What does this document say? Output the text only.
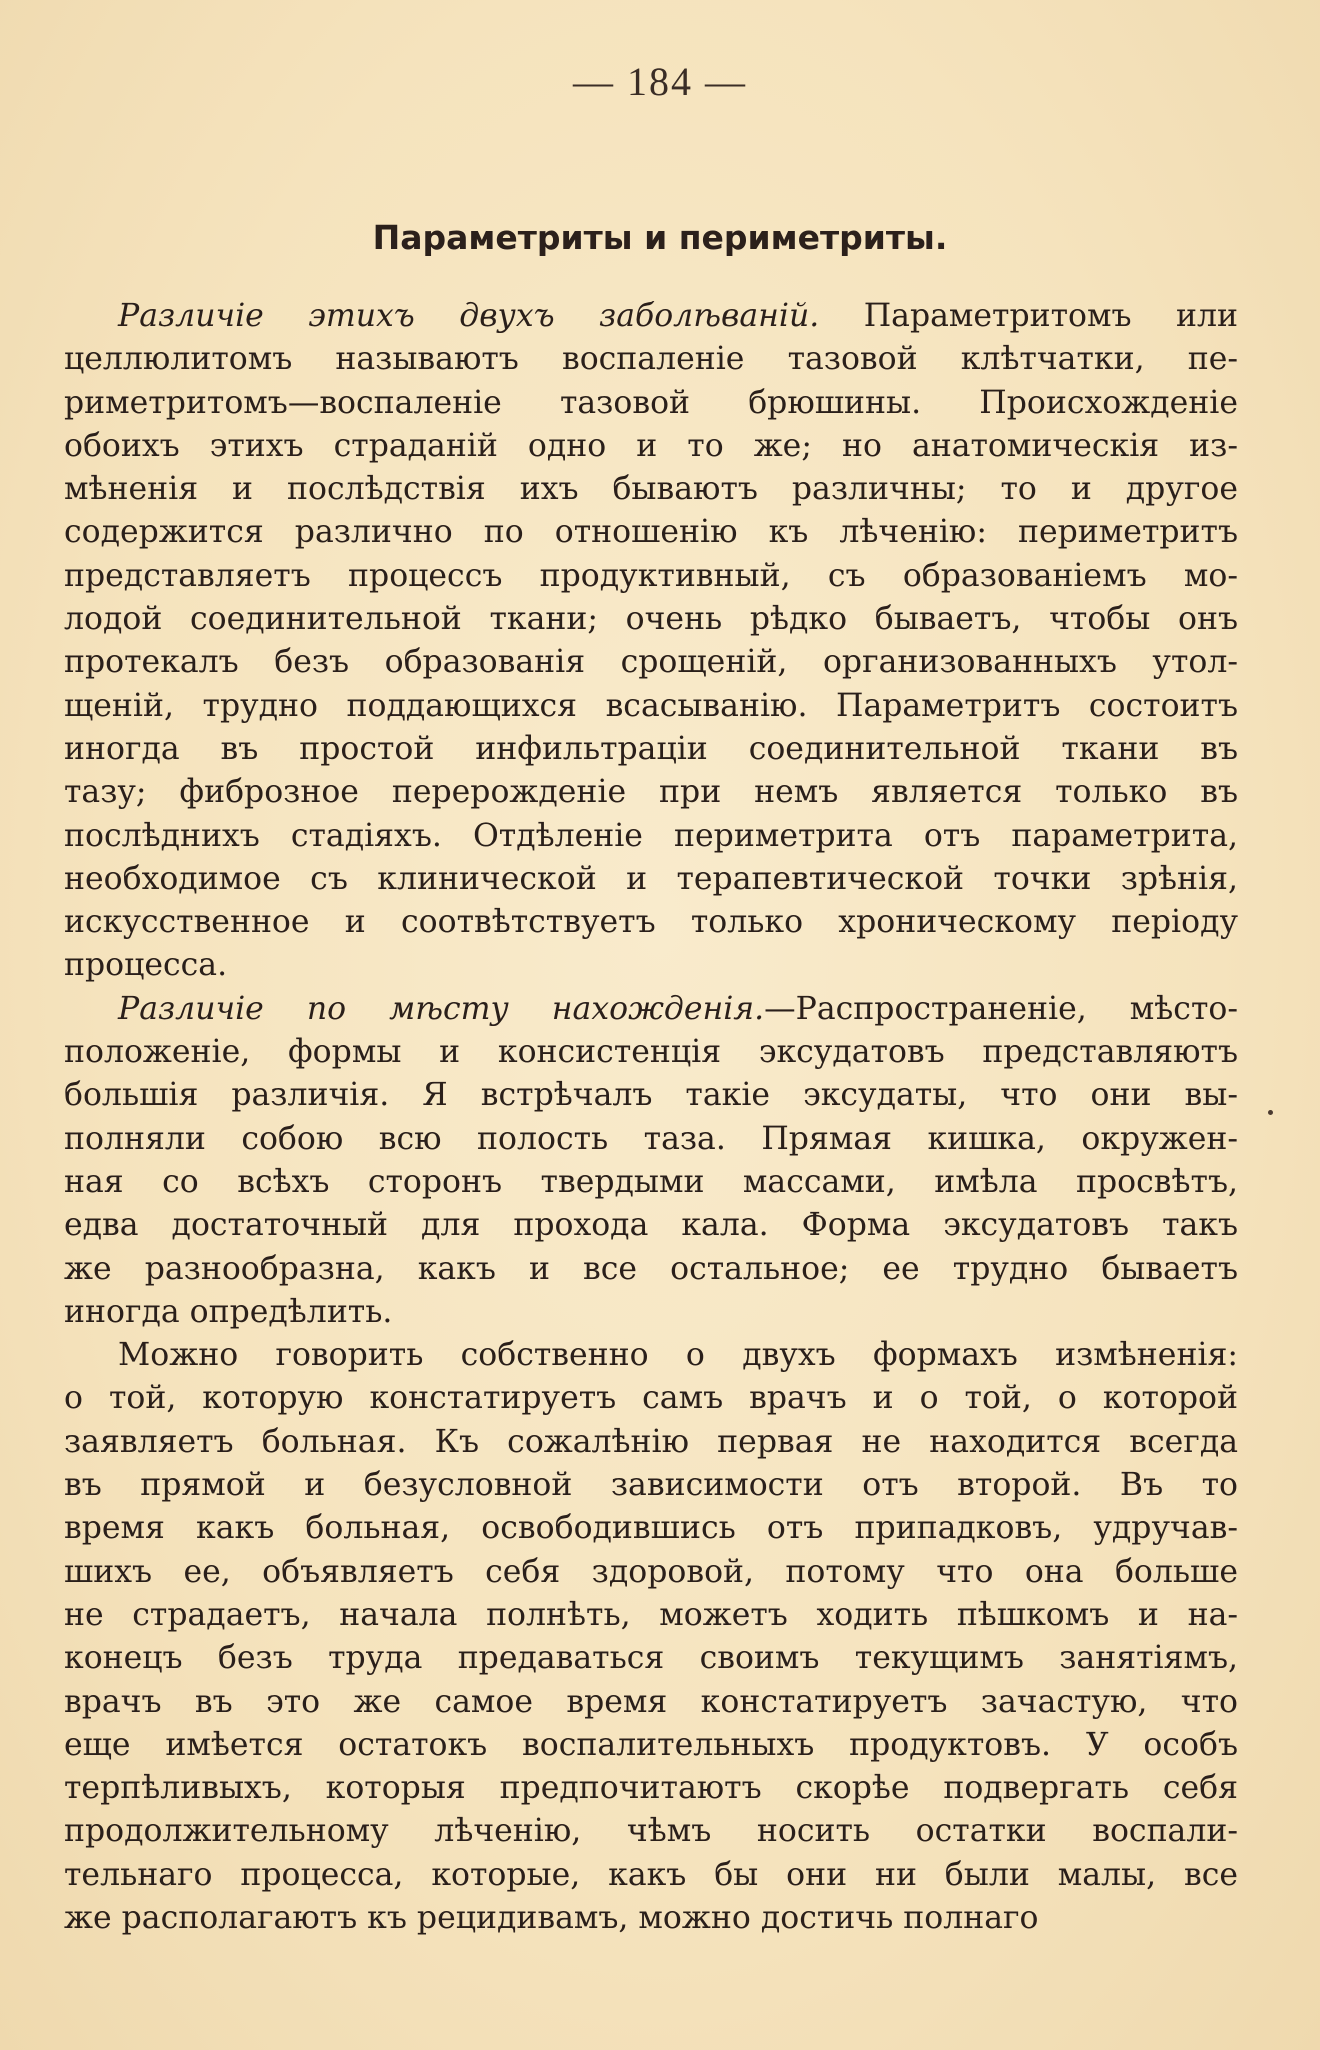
— 184 —
Параметриты и периметриты.
Различіе этихъ двухъ заболѣваній. Параметритомъ или
целлюлитомъ называютъ воспаленіе тазовой клѣтчатки, пе-
риметритомъ—воспаленіе тазовой брюшины. Происхожденіе
обоихъ этихъ страданій одно и то же; но анатомическія из-
мѣненія и послѣдствія ихъ бываютъ различны; то и другое
содержится различно по отношенію къ лѣченію: периметритъ
представляетъ процессъ продуктивный, съ образованіемъ мо-
лодой соединительной ткани; очень рѣдко бываетъ, чтобы онъ
протекалъ безъ образованія срощеній, организованныхъ утол-
щеній, трудно поддающихся всасыванію. Параметритъ состоитъ
иногда въ простой инфильтраціи соединительной ткани въ
тазу; фиброзное перерожденіе при немъ является только въ
послѣднихъ стадіяхъ. Отдѣленіе периметрита отъ параметрита,
необходимое съ клинической и терапевтической точки зрѣнія,
искусственное и соотвѣтствуетъ только хроническому періоду
процесса.
Различіе по мѣсту нахожденія.—Распространеніе, мѣсто-
положеніе, формы и консистенція эксудатовъ представляютъ
большія различія. Я встрѣчалъ такіе эксудаты, что они вы-
полняли собою всю полость таза. Прямая кишка, окружен-
ная со всѣхъ сторонъ твердыми массами, имѣла просвѣтъ,
едва достаточный для прохода кала. Форма эксудатовъ такъ
же разнообразна, какъ и все остальное; ее трудно бываетъ
иногда опредѣлить.
Можно говорить собственно о двухъ формахъ измѣненія:
о той, которую констатируетъ самъ врачъ и о той, о которой
заявляетъ больная. Къ сожалѣнію первая не находится всегда
въ прямой и безусловной зависимости отъ второй. Въ то
время какъ больная, освободившись отъ припадковъ, удручав-
шихъ ее, объявляетъ себя здоровой, потому что она больше
не страдаетъ, начала полнѣть, можетъ ходить пѣшкомъ и на-
конецъ безъ труда предаваться своимъ текущимъ занятіямъ,
врачъ въ это же самое время констатируетъ зачастую, что
еще имѣется остатокъ воспалительныхъ продуктовъ. У особъ
терпѣливыхъ, которыя предпочитаютъ скорѣе подвергать себя
продолжительному лѣченію, чѣмъ носить остатки воспали-
тельнаго процесса, которые, какъ бы они ни были малы, все
же располагаютъ къ рецидивамъ, можно достичь полнаго
